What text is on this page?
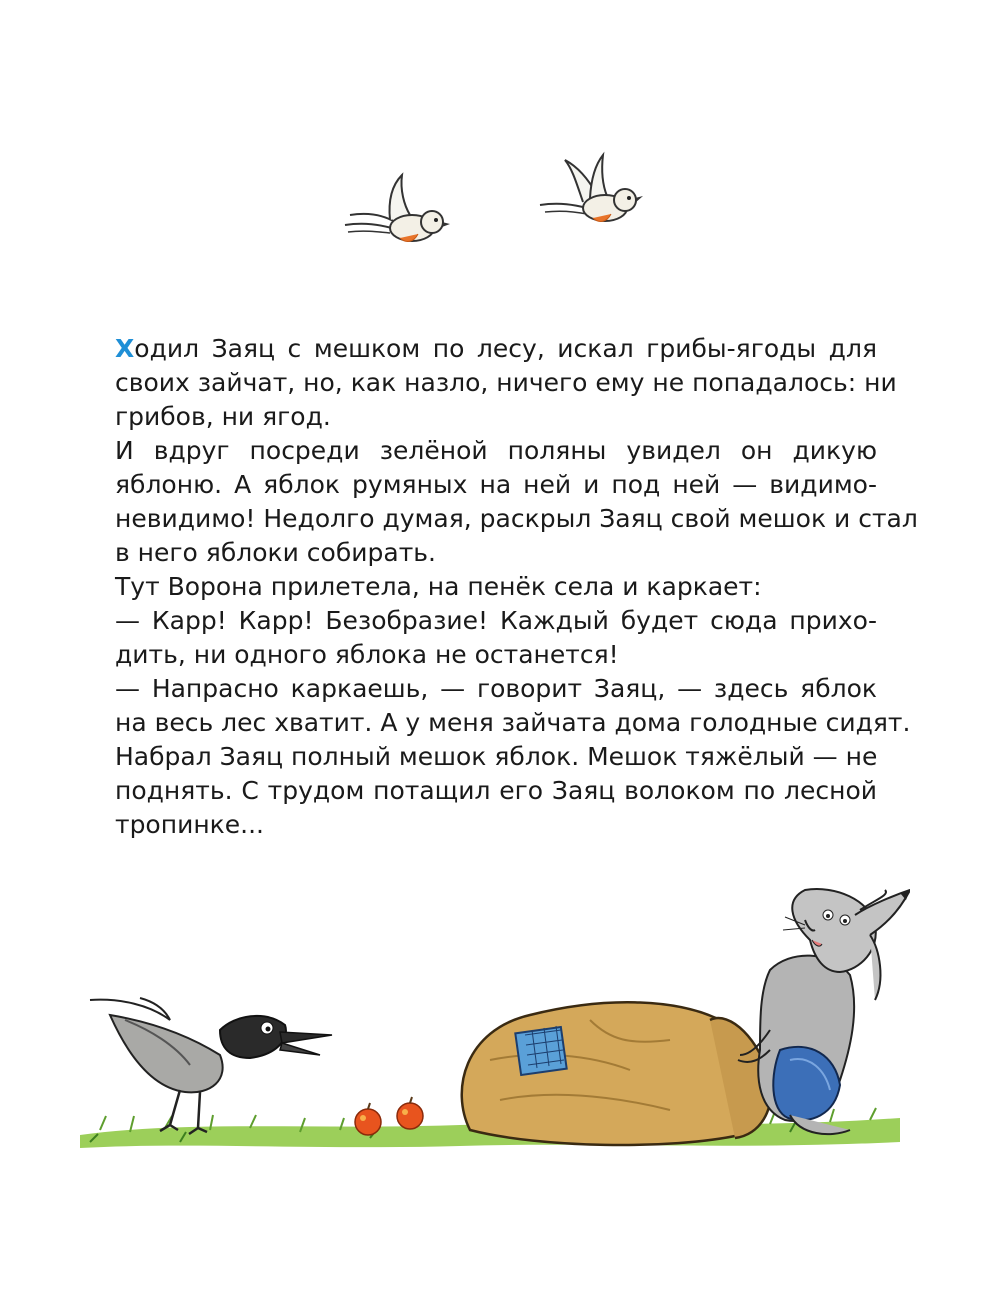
Ходил Заяц с мешком по лесу, искал грибы-ягоды для
своих зайчат, но, как назло, ничего ему не попадалось: ни
грибов, ни ягод.

И вдруг посреди зелёной поляны увидел он дикую
яблоню. А яблок румяных на ней и под ней — видимо-
невидимо! Недолго думая, раскрыл Заяц свой мешок и стал
в него яблоки собирать.

Тут Ворона прилетела, на пенёк села и каркает:

— Карр! Карр! Безобразие! Каждый будет сюда прихо-
дить, ни одного яблока не останется!

— Напрасно каркаешь, — говорит Заяц, — здесь яблок
на весь лес хватит. А у меня зайчата дома голодные сидят.

Набрал Заяц полный мешок яблок. Мешок тяжёлый — не
поднять. С трудом потащил его Заяц волоком по лесной
тропинке...
